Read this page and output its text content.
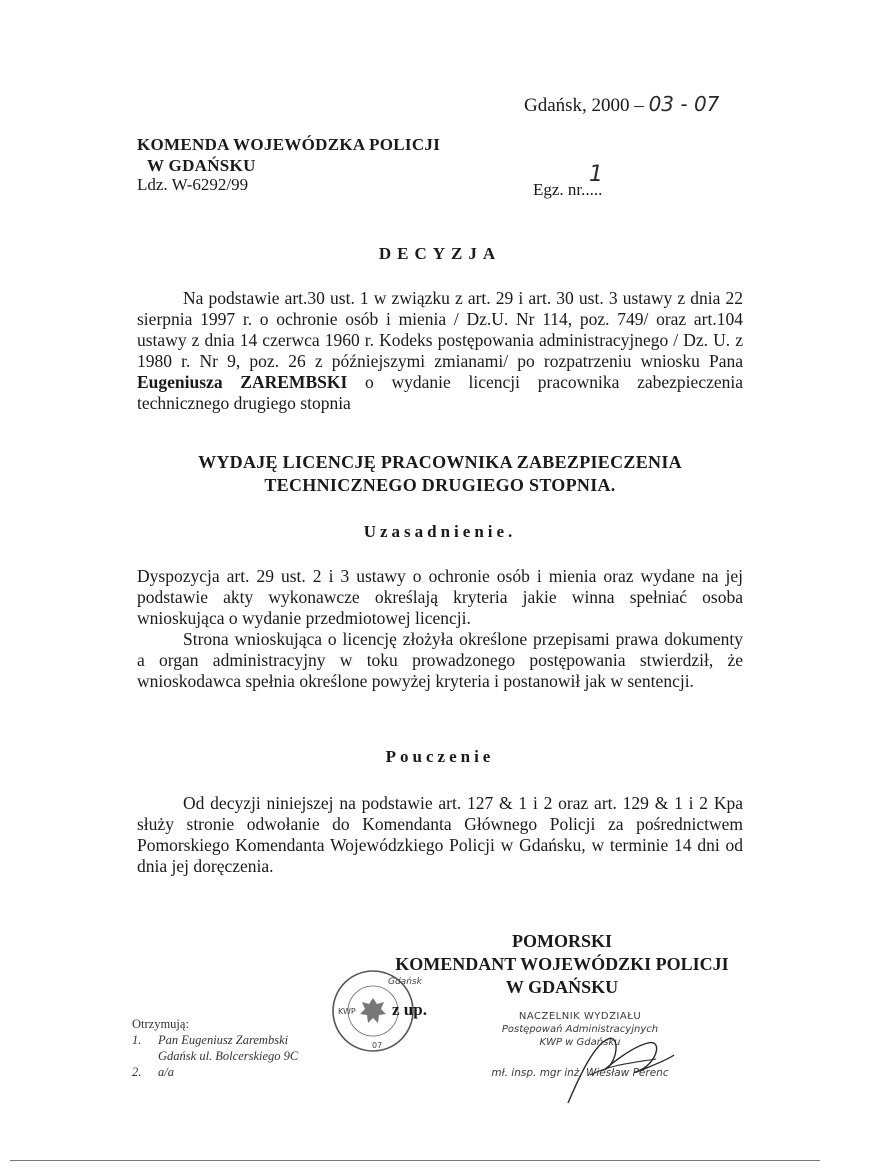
Gdańsk, 2000 – 03 - 07
KOMENDA WOJEWÓDZKA POLICJI
W GDAŃSKU
Ldz. W-6292/99	Egz. nr.....
1
DECYZJA

Na podstawie art.30 ust. 1 w związku z art. 29 i art. 30 ust. 3 ustawy z dnia 22 sierpnia 1997 r. o ochronie osób i mienia / Dz.U. Nr 114, poz. 749/ oraz art.104 ustawy z dnia 14 czerwca 1960 r. Kodeks postępowania administracyjnego / Dz. U. z 1980 r. Nr 9, poz. 26 z późniejszymi zmianami/ po rozpatrzeniu wniosku Pana Eugeniusza ZAREMBSKI o wydanie licencji pracownika zabezpieczenia technicznego drugiego stopnia

WYDAJĘ LICENCJĘ PRACOWNIKA ZABEZPIECZENIA
TECHNICZNEGO DRUGIEGO STOPNIA.
Uzasadnienie.

Dyspozycja art. 29 ust. 2 i 3 ustawy o ochronie osób i mienia oraz wydane na jej podstawie akty wykonawcze określają kryteria jakie winna spełniać osoba wnioskująca o wydanie przedmiotowej licencji.

Strona wnioskująca o licencję złożyła określone przepisami prawa dokumenty a organ administracyjny w toku prowadzonego postępowania stwierdził, że wnioskodawca spełnia określone powyżej kryteria i postanowił jak w sentencji.

Pouczenie

Od decyzji niniejszej na podstawie art. 127 & 1 i 2 oraz art. 129 & 1 i 2 Kpa służy stronie odwołanie do Komendanta Głównego Policji za pośrednictwem Pomorskiego Komendanta Wojewódzkiego Policji w Gdańsku, w terminie 14 dni od dnia jej doręczenia.

POMORSKI
KOMENDANT WOJEWÓDZKI POLICJI
W GDAŃSKU
Gdańsk
KWP
07
z up.	NACZELNIK WYDZIAŁU
Postępowań Administracyjnych
KWP w Gdańsku
mł. insp. mgr inż. Wiesław Perenc
Otrzymują:
1. Pan Eugeniusz Zarembski
Gdańsk ul. Bolcerskiego 9C
2. a/a
